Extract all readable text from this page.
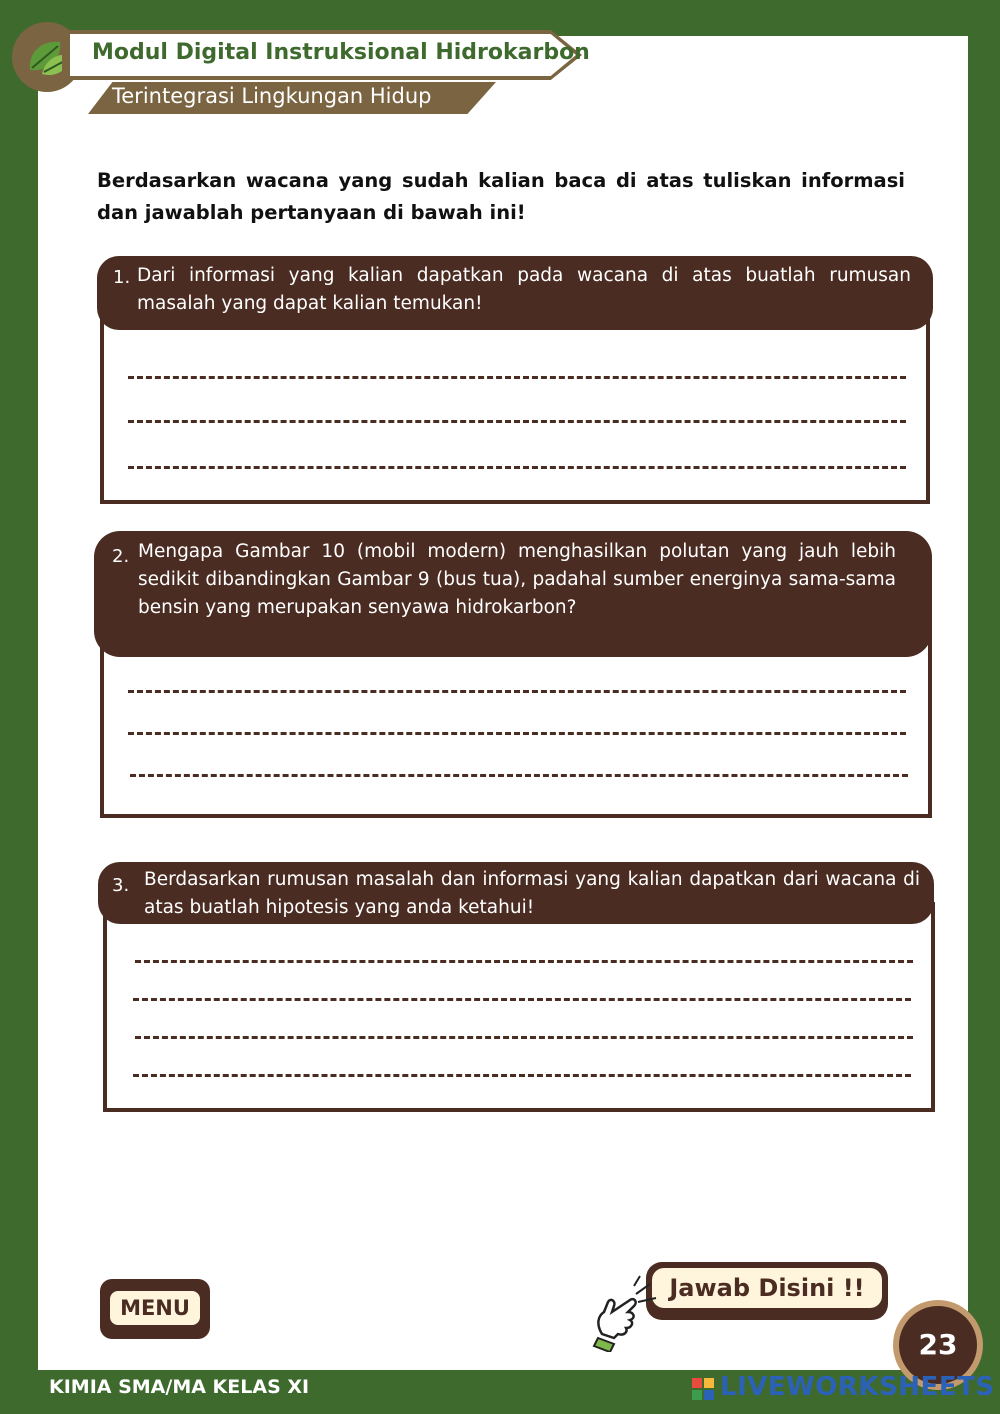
Modul Digital Instruksional Hidrokarbon
Terintegrasi Lingkungan Hidup
Berdasarkan wacana yang sudah kalian baca di atas tuliskan informasi dan jawablah pertanyaan di bawah ini!
1. Dari informasi yang kalian dapatkan pada wacana di atas buatlah rumusan masalah yang dapat kalian temukan!
2. Mengapa Gambar 10 (mobil modern) menghasilkan polutan yang jauh lebih sedikit dibandingkan Gambar 9 (bus tua), padahal sumber energinya sama-sama bensin yang merupakan senyawa hidrokarbon?
3. Berdasarkan rumusan masalah dan informasi yang kalian dapatkan dari wacana di atas buatlah hipotesis yang anda ketahui!
MENU
Jawab Disini !!
23
KIMIA SMA/MA KELAS XI	LIVEWORKSHEETS
